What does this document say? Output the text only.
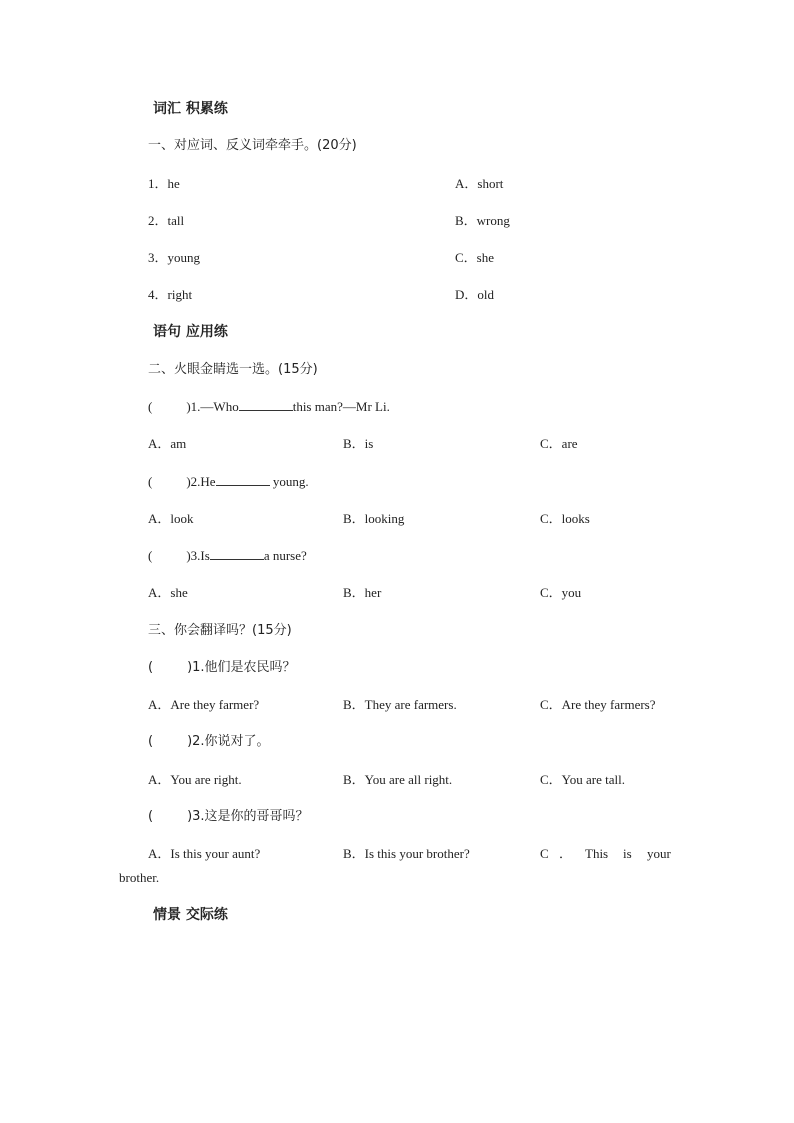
词汇 积累练
一、对应词、反义词牵牵手。(20分)
1．he	A．short
2．tall	B．wrong
3．young	C．she
4．right	D．old
语句 应用练
二、火眼金睛选一选。(15分)
(	)1.—Who	this man?—Mr Li.
A．am	B．is	C．are
(	)2.He	young.
A．look	B．looking	C．looks
(	)3.Is	a nurse?
A．she	B．her	C．you
三、你会翻译吗？(15分)
(	)1.他们是农民吗？
A．Are they farmer?	B．They are farmers.	C．Are they farmers?
(	)2.你说对了。
A．You are right.	B．You are all right.	C．You are tall.
(	)3.这是你的哥哥吗？
A．Is this your aunt?	B．Is this your brother?	C ． This is your
brother.
情景 交际练
